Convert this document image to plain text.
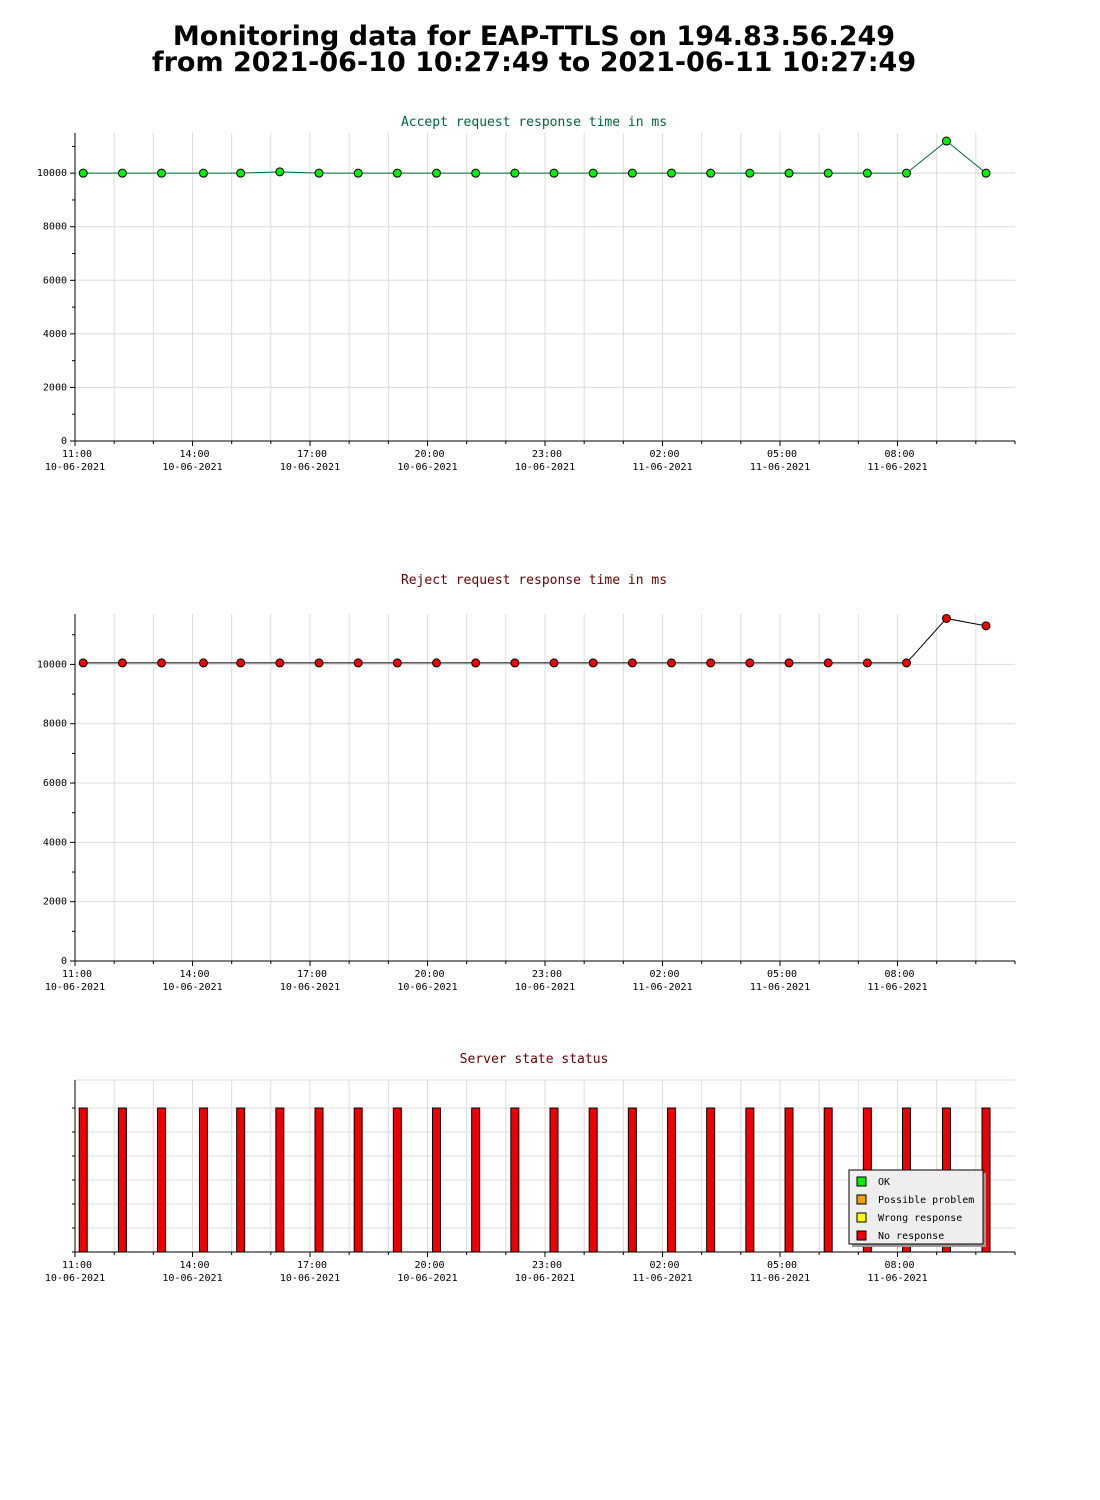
Monitoring data for EAP-TTLS on 194.83.56.249
from 2021-06-10 10:27:49 to 2021-06-11 10:27:49
Accept request response time in ms
0
2000
4000
6000
8000
10000
11:00
10-06-2021
14:00
10-06-2021
17:00
10-06-2021
20:00
10-06-2021
23:00
10-06-2021
02:00
11-06-2021
05:00
11-06-2021
08:00
11-06-2021
Reject request response time in ms
0
2000
4000
6000
8000
10000
11:00
10-06-2021
14:00
10-06-2021
17:00
10-06-2021
20:00
10-06-2021
23:00
10-06-2021
02:00
11-06-2021
05:00
11-06-2021
08:00
11-06-2021
Server state status
11:00
10-06-2021
14:00
10-06-2021
17:00
10-06-2021
20:00
10-06-2021
23:00
10-06-2021
02:00
11-06-2021
05:00
11-06-2021
08:00
11-06-2021
OK
Possible problem
Wrong response
No response
